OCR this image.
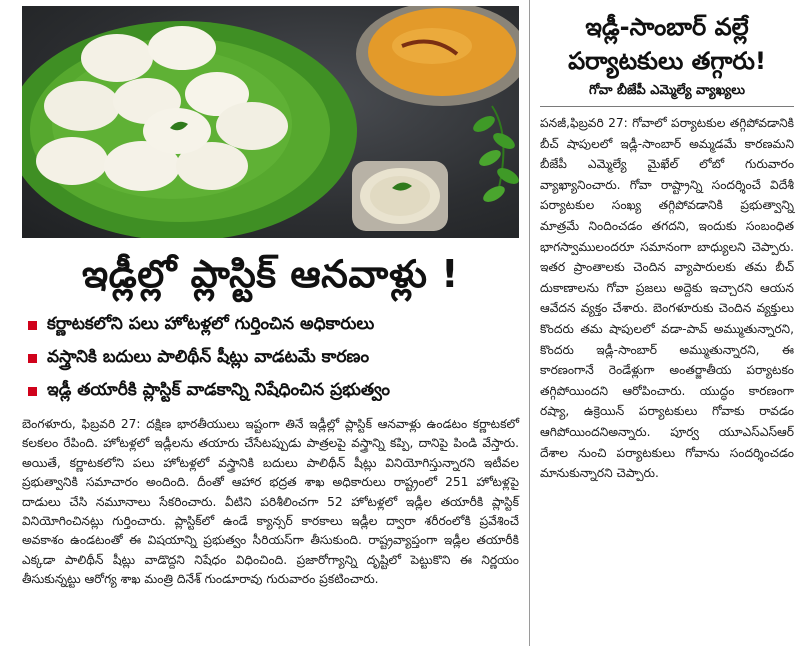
ఇడ్లీల్లో ప్లాస్టిక్ ఆనవాళ్లు !
కర్ణాటకలోని పలు హోటళ్లలో గుర్తించిన అధికారులు
వస్త్రానికి బదులు పాలిథీన్ షీట్లు వాడటమే కారణం
ఇడ్లీ తయారీకి ప్లాస్టిక్ వాడకాన్ని నిషేధించిన ప్రభుత్వం

బెంగళూరు, ఫిబ్రవరి 27: దక్షిణ భారతీయులు ఇష్టంగా తినే ఇడ్లీల్లో ప్లాస్టిక్ ఆనవాళ్లు ఉండటం కర్ణాటకలో కలకలం రేపింది. హోటళ్లలో ఇడ్లీలను తయారు చేసేటప్పుడు పాత్రలపై వస్త్రాన్ని కప్పి, దానిపై పిండి వేస్తారు. అయితే, కర్ణాటకలోని పలు హోటళ్లలో వస్త్రానికి బదులు పాలిథీన్ షీట్లు వినియోగిస్తున్నారని ఇటీవల ప్రభుత్వానికి సమాచారం అందింది. దీంతో ఆహార భద్రత శాఖ అధికారులు రాష్ట్రంలో 251 హోటళ్లపై దాడులు చేసి నమూనాలు సేకరించారు. వీటిని పరిశీలించగా 52 హోటళ్లలో ఇడ్లీల తయారీకి ప్లాస్టిక్ వినియోగించినట్లు గుర్తించారు. ప్లాస్టిక్‌లో ఉండే క్యాన్సర్ కారకాలు ఇడ్లీల ద్వారా శరీరంలోకి ప్రవేశించే అవకాశం ఉండటంతో ఈ విషయాన్ని ప్రభుత్వం సీరియస్‌గా తీసుకుంది. రాష్ట్రవ్యాప్తంగా ఇడ్లీల తయారీకి ఎక్కడా పాలిథీన్ షీట్లు వాడొద్దని నిషేధం విధించింది. ప్రజారోగ్యాన్ని దృష్టిలో పెట్టుకొని ఈ నిర్ణయం తీసుకున్నట్టు ఆరోగ్య శాఖ మంత్రి దినేశ్ గుండూరావు గురువారం ప్రకటించారు.

ఇడ్లీ-సాంబార్ వల్లే
పర్యాటకులు తగ్గారు!
గోవా బీజేపీ ఎమ్మెల్యే వ్యాఖ్యలు
పనజీ,ఫిబ్రవరి 27: గోవాలో పర్యాటకుల తగ్గిపోవడానికి బీచ్ షాపులలో ఇడ్లీ-సాంబార్ అమ్మడమే కారణమని బీజేపీ ఎమ్మెల్యే మైఖేల్ లోబో గురువారం వ్యాఖ్యానించారు. గోవా రాష్ట్రాన్ని సందర్శించే విదేశీ పర్యాటకుల సంఖ్య తగ్గిపోవడానికి ప్రభుత్వాన్ని మాత్రమే నిందించడం తగదని, ఇందుకు సంబంధిత భాగస్వాములందరూ సమానంగా బాధ్యులని చెప్పారు. ఇతర ప్రాంతాలకు చెందిన వ్యాపారులకు తమ బీచ్ దుకాణాలను గోవా ప్రజలు అద్దెకు ఇచ్చారని ఆయన ఆవేదన వ్యక్తం చేశారు. బెంగళూరుకు చెందిన వ్యక్తులు కొందరు తమ షాపులలో వడా-పావ్ అమ్ముతున్నారని, కొందరు ఇడ్లీ-సాంబార్ అమ్ముతున్నారని, ఈ కారణంగానే రెండేళ్లుగా అంతర్జాతీయ పర్యాటకం తగ్గిపోయిందని ఆరోపించారు. యుద్ధం కారణంగా రష్యా, ఉక్రెయిన్ పర్యాటకులు గోవాకు రావడం ఆగిపోయిందనిఅన్నారు. పూర్వ యూఎస్ఎస్ఆర్ దేశాల నుంచి పర్యాటకులు గోవాను సందర్శించడం మానుకున్నారని చెప్పారు.
